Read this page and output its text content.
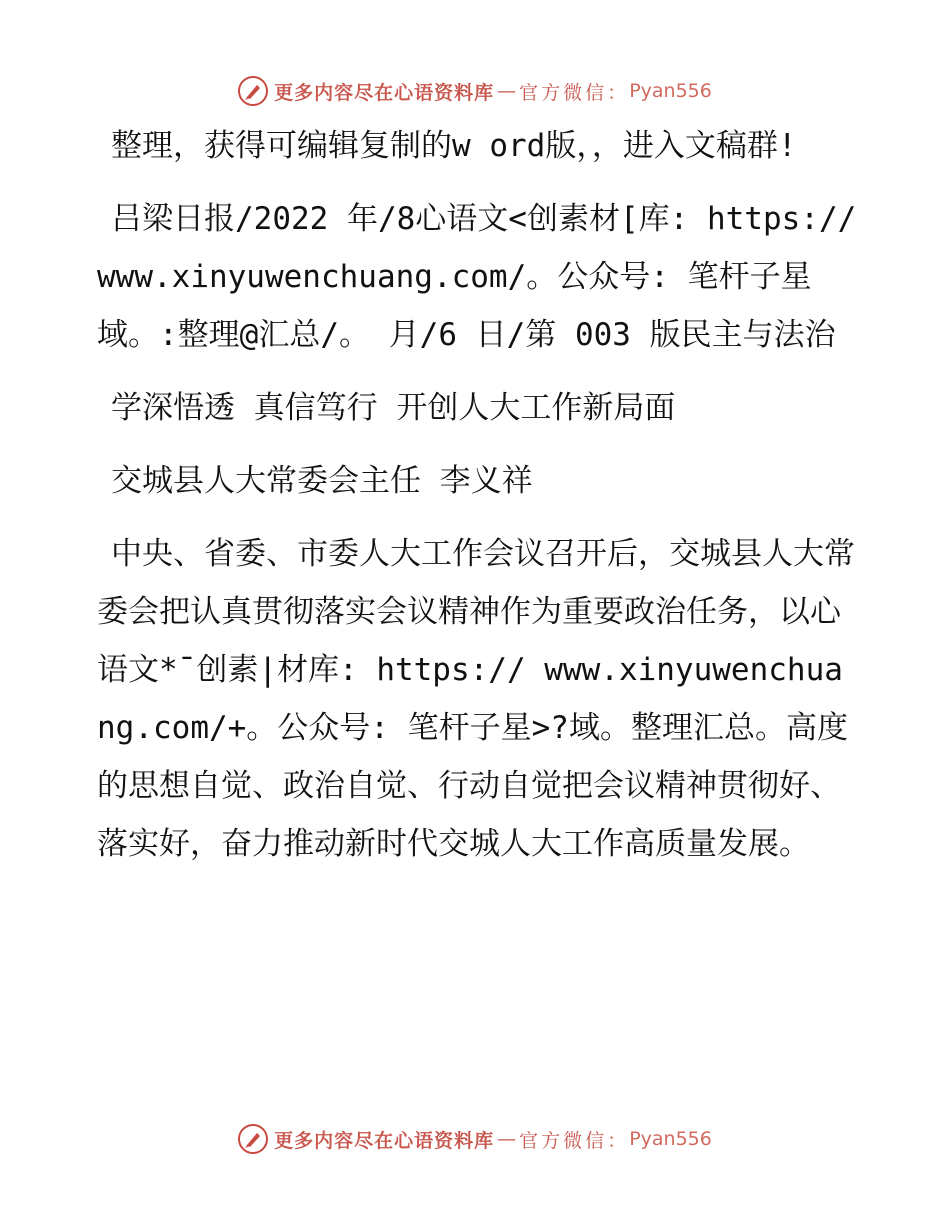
更多内容尽在心语资料库 — 官方微信： Pyan556

整理，获得可编辑复制的w ord版，，进入文稿群!

吕梁日报/2022 年/8心语文<创素材[库: https://www.xinyuwenchuang.com/。公众号: 笔杆子星域。:整理@汇总/。 月/6 日/第 003 版民主与法治

学深悟透 真信笃行 开创人大工作新局面

交城县人大常委会主任 李义祥

中央、省委、市委人大工作会议召开后，交城县人大常委会把认真贯彻落实会议精神作为重要政治任务，以心语文*¯创素|材库: https:// www.xinyuwenchuang.com/+。公众号: 笔杆子星>?域。整理汇总。高度的思想自觉、政治自觉、行动自觉把会议精神贯彻好、落实好，奋力推动新时代交城人大工作高质量发展。

更多内容尽在心语资料库 — 官方微信： Pyan556
